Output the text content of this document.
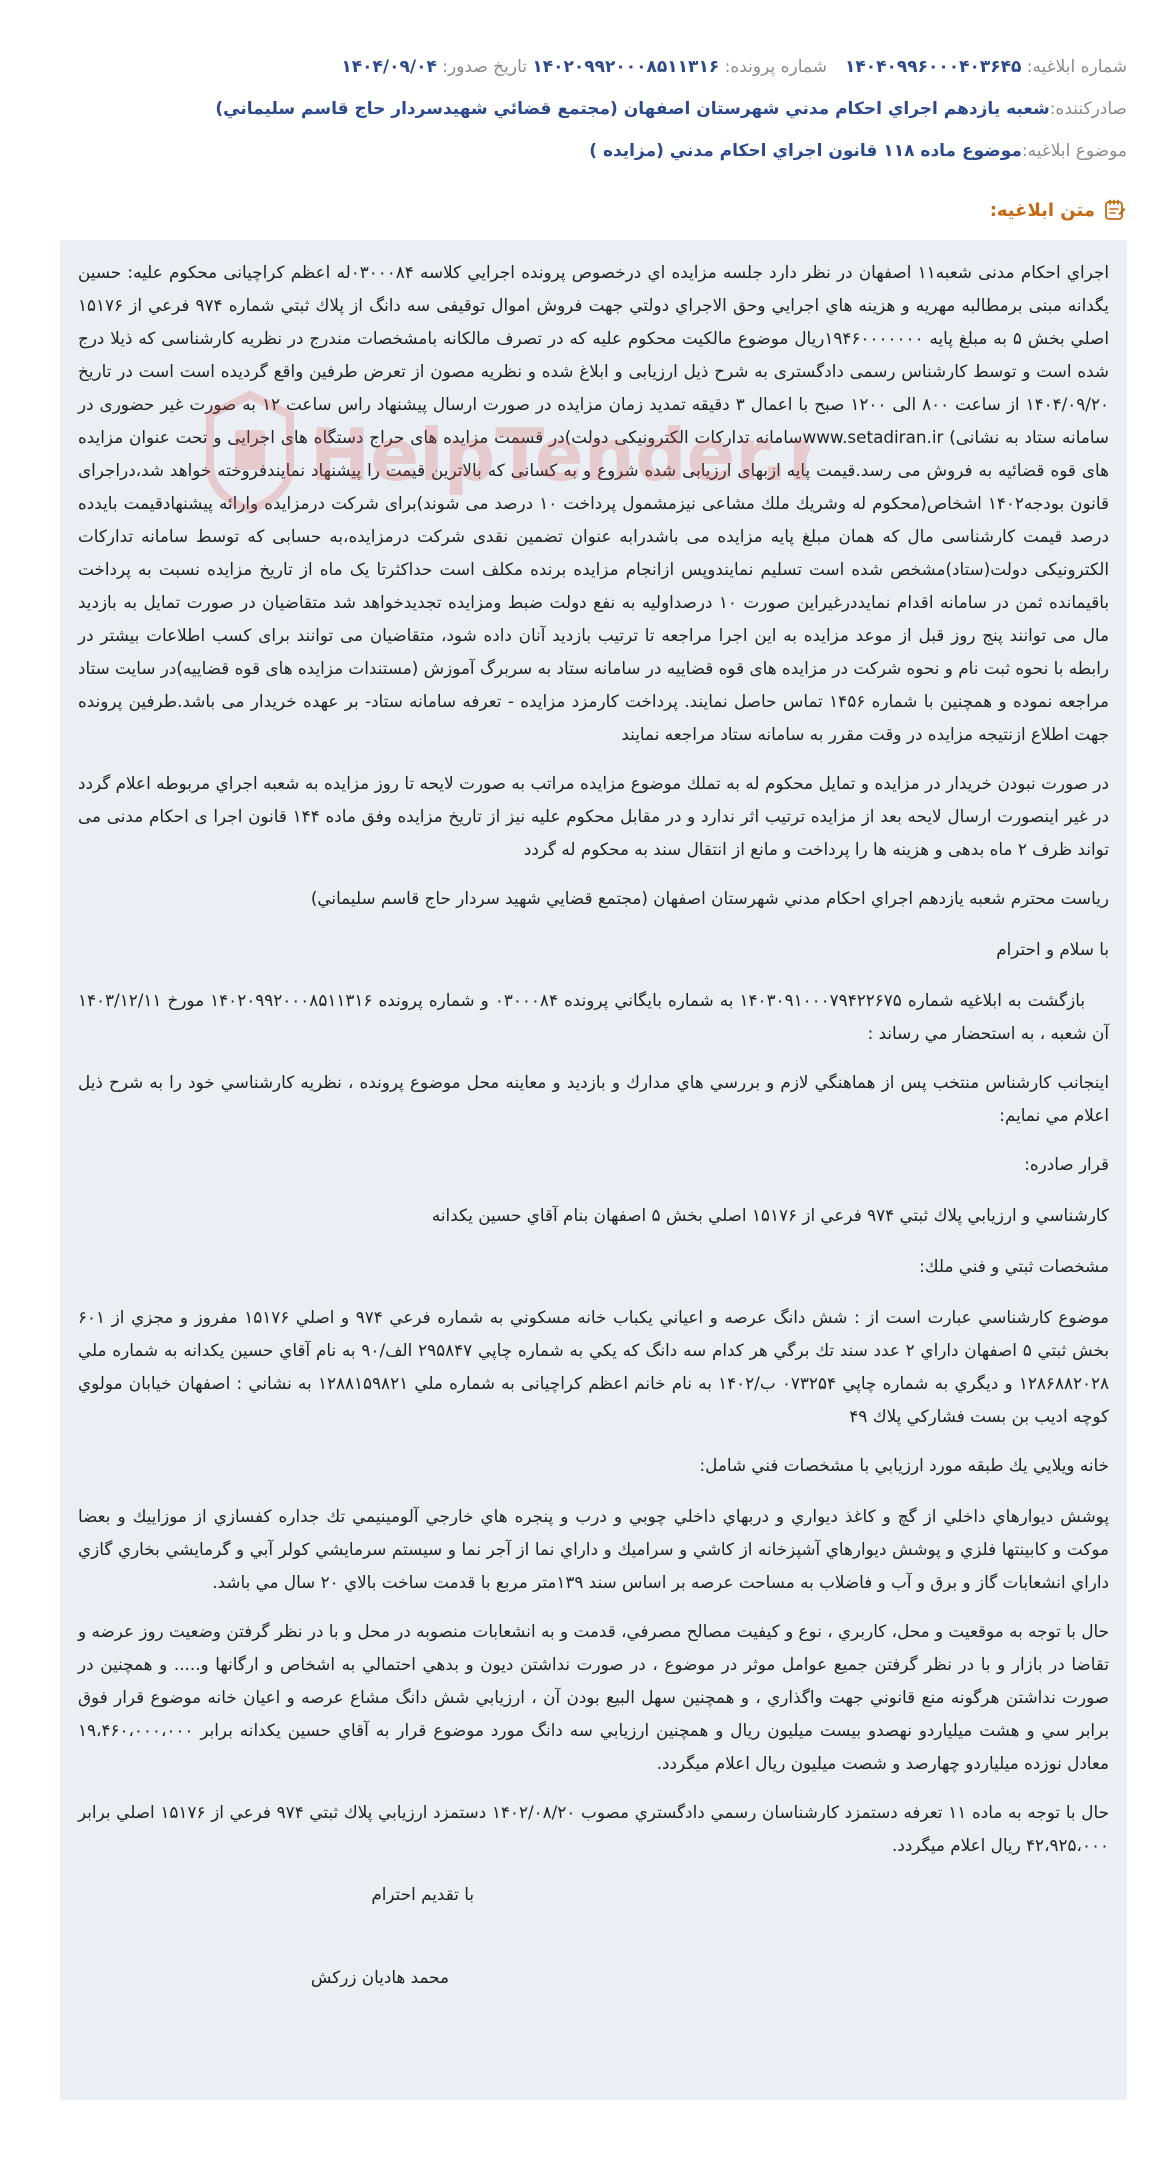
شماره ابلاغیه: ۱۴۰۴۰۹۹۶۰۰۰۴۰۳۶۴۵
شماره پرونده: ۱۴۰۲۰۹۹۲۰۰۰۸۵۱۱۳۱۶
تاریخ صدور: ۱۴۰۴/۰۹/۰۴
صادرکننده:
شعبه يازدهم اجراي احكام مدني شهرستان اصفهان (مجتمع قضائي شهيدسردار حاج قاسم سليماني)
موضوع ابلاغیه:
موضوع ماده ۱۱۸ قانون اجراي احكام مدني (مزايده )
متن ابلاغیه:

اجراي احكام مدنى شعبه۱۱ اصفهان در نظر دارد جلسه مزايده اي درخصوص پرونده اجرايي كلاسه ۰۳۰۰۰۸۴له اعظم كراچيانى محكوم عليه: حسين يگدانه مبنى برمطالبه مهريه و هزينه هاي اجرايي وحق الاجراي دولتي جهت فروش اموال توقيفى سه دانگ از پلاك ثبتي شماره ۹۷۴ فرعي از ۱۵۱۷۶ اصلي بخش ۵ به مبلغ پايه ۱۹۴۶۰۰۰۰۰۰۰ريال موضوع مالكيت محكوم عليه كه در تصرف مالكانه بامشخصات مندرج در نظريه كارشناسى كه ذيلا درج شده است و توسط كارشناس رسمى دادگسترى به شرح ذيل ارزيابى و ابلاغ شده و نظريه مصون از تعرض طرفين واقع گرديده است است در تاريخ ۱۴۰۴/۰۹/۲۰ از ساعت ۸۰۰ الى ۱۲۰۰ صبح با اعمال ۳ دقيقه تمديد زمان مزايده در صورت ارسال پيشنهاد راس ساعت ۱۲ به صورت غير حضورى در سامانه ستاد به نشانى) www.setadiran.irسامانه تداركات الكترونيكى دولت)در قسمت مزايده هاى حراج دستگاه هاى اجرايى و تحت عنوان مزايده هاى قوه قضائيه به فروش مى رسد.قيمت پايه ازبهاى ارزيابى شده شروع و به كسانى كه بالاترين قيمت را پيشنهاد نمايندفروخته خواهد شد،دراجراى قانون بودجه۱۴۰۲ اشخاص(محكوم له وشريك ملك مشاعى نيزمشمول پرداخت ۱۰ درصد مى شوند)براى شركت درمزايده وارائه پيشنهادقيمت بايدده درصد قيمت كارشناسى مال كه همان مبلغ پايه مزايده مى باشدرابه عنوان تضمين نقدى شركت درمزايده،به حسابى كه توسط سامانه تداركات الكترونيكى دولت(ستاد)مشخص شده است تسليم نمايندوپس ازانجام مزايده برنده مكلف است حداكثرتا يک ماه از تاريخ مزايده نسبت به پرداخت باقيمانده ثمن در سامانه اقدام نمايددرغيراين صورت ۱۰ درصداوليه به نفع دولت ضبط ومزايده تجديدخواهد شد متقاضيان در صورت تمايل به بازديد مال مى توانند پنج روز قبل از موعد مزايده به اين اجرا مراجعه تا ترتيب بازديد آنان داده شود، متقاضيان مى توانند براى كسب اطلاعات بيشتر در رابطه با نحوه ثبت نام و نحوه شركت در مزايده هاى قوه قضاييه در سامانه ستاد به سربرگ آموزش (مستندات مزايده هاى قوه قضاييه)در سايت ستاد مراجعه نموده و همچنين با شماره ۱۴۵۶ تماس حاصل نمايند. پرداخت كارمزد مزايده - تعرفه سامانه ستاد- بر عهده خريدار مى باشد.طرفين پرونده جهت اطلاع ازنتيجه مزايده در وقت مقرر به سامانه ستاد مراجعه نمايند

در صورت نبودن خريدار در مزايده و تمايل محكوم له به تملك موضوع مزايده مراتب به صورت لايحه تا روز مزايده به شعبه اجراي مربوطه اعلام گردد در غير اينصورت ارسال لايحه بعد از مزايده ترتيب اثر ندارد و در مقابل محكوم عليه نيز از تاريخ مزايده وفق ماده ۱۴۴ قانون اجرا ى احكام مدنى مى تواند ظرف ۲ ماه بدهى و هزينه ها را پرداخت و مانع از انتقال سند به محكوم له گردد

رياست محترم شعبه يازدهم اجراي احكام مدني شهرستان اصفهان (مجتمع قضايي شهيد سردار حاج قاسم سليماني)

با سلام و احترام

بازگشت به ابلاغيه شماره ۱۴۰۳۰۹۱۰۰۰۷۹۴۲۲۶۷۵ به شماره بايگاني پرونده ۰۳۰۰۰۸۴ و شماره پرونده ۱۴۰۲۰۹۹۲۰۰۰۸۵۱۱۳۱۶ مورخ ۱۴۰۳/۱۲/۱۱ آن شعبه ، به استحضار مي رساند :

اينجانب كارشناس منتخب پس از هماهنگي لازم و بررسي هاي مدارك و بازديد و معاينه محل موضوع پرونده ، نظريه كارشناسي خود را به شرح ذيل اعلام مي نمايم:

قرار صادره:

كارشناسي و ارزيابي پلاك ثبتي ۹۷۴ فرعي از ۱۵۱۷۶ اصلي بخش ۵ اصفهان بنام آقاي حسين يكدانه

مشخصات ثبتي و فني ملك:

موضوع كارشناسي عبارت است از : شش دانگ عرصه و اعياني يكباب خانه مسكوني به شماره فرعي ۹۷۴ و اصلي ۱۵۱۷۶ مفروز و مجزي از ۶۰۱ بخش ثبتي ۵ اصفهان داراي ۲ عدد سند تك برگي هر كدام سه دانگ كه يكي به شماره چاپي ۲۹۵۸۴۷ الف/۹۰ به نام آقاي حسين يكدانه به شماره ملي ۱۲۸۶۸۸۲۰۲۸ و ديگري به شماره چاپي ۰۷۳۲۵۴ ب/۱۴۰۲ به نام خانم اعظم كراچيانى به شماره ملي ۱۲۸۸۱۵۹۸۲۱ به نشاني : اصفهان خيابان مولوي كوچه اديب بن بست فشاركي پلاك ۴۹

خانه ويلايي يك طبقه مورد ارزيابي با مشخصات فني شامل:

پوشش ديوارهاي داخلي از گچ و كاغذ ديواري و دربهاي داخلي چوبي و درب و پنجره هاي خارجي آلومينيمي تك جداره كفسازي از موزاييك و بعضا موكت و كابينتها فلزي و پوشش ديوارهاي آشپزخانه از كاشي و سراميك و داراي نما از آجر نما و سيستم سرمايشي كولر آبي و گرمايشي بخاري گازي داراي انشعابات گاز و برق و آب و فاضلاب به مساحت عرصه بر اساس سند ۱۳۹متر مربع با قدمت ساخت بالاي ۲۰ سال مي باشد.

حال با توجه به موقعيت و محل، كاربري ، نوع و كيفيت مصالح مصرفي، قدمت و به انشعابات منصوبه در محل و با در نظر گرفتن وضعيت روز عرضه و تقاضا در بازار و با در نظر گرفتن جميع عوامل موثر در موضوع ، در صورت نداشتن ديون و بدهي احتمالي به اشخاص و ارگانها و..... و همچنين در صورت نداشتن هرگونه منع قانوني جهت واگذاري ، و همچنين سهل البيع بودن آن ، ارزيابي شش دانگ مشاع عرصه و اعيان خانه موضوع قرار فوق برابر سي و هشت ميلياردو نهصدو بيست ميليون ريال و همچنين ارزيابي سه دانگ مورد موضوع قرار به آقاي حسين يكدانه برابر ۱۹،۴۶۰،۰۰۰،۰۰۰ معادل نوزده ميلياردو چهارصد و شصت ميليون ريال اعلام ميگردد.

حال با توجه به ماده ۱۱ تعرفه دستمزد كارشناسان رسمي دادگستري مصوب ۱۴۰۲/۰۸/۲۰ دستمزد ارزيابي پلاك ثبتي ۹۷۴ فرعي از ۱۵۱۷۶ اصلي برابر ۴۲،۹۲۵،۰۰۰ ريال اعلام ميگردد.

با تقديم احترام

محمد هاديان زركش

HelpTender.
